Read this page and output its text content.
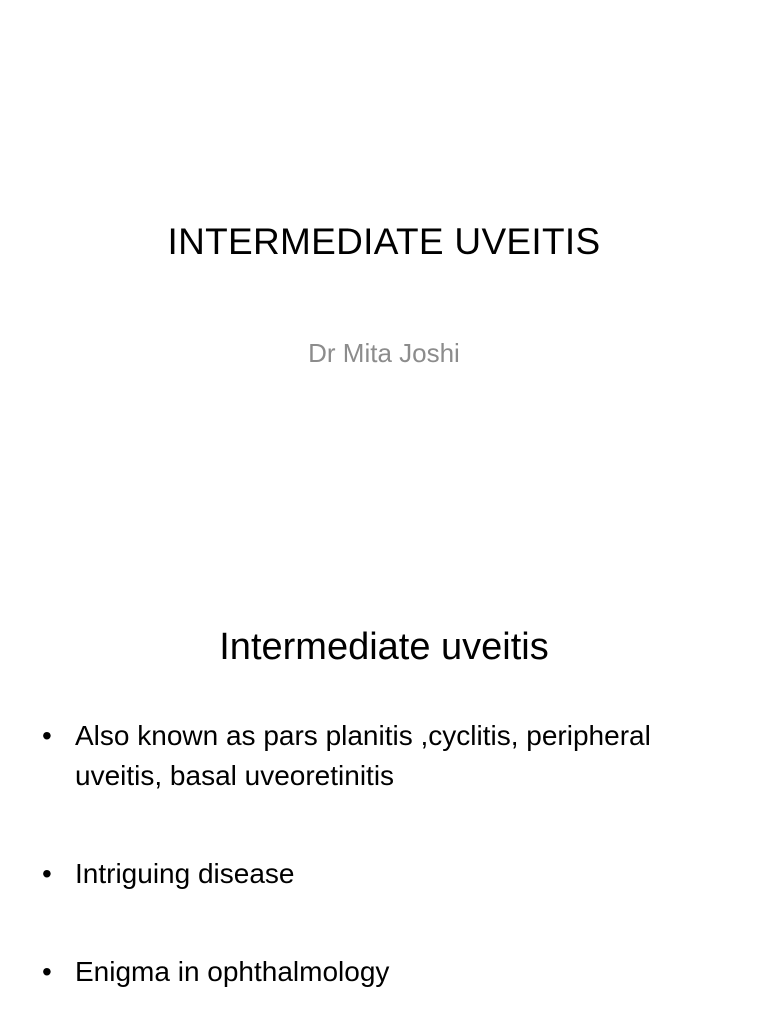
INTERMEDIATE UVEITIS
Dr Mita Joshi
Intermediate uveitis
• Also known as pars planitis ,cyclitis, peripheral uveitis, basal uveoretinitis
• Intriguing disease
• Enigma in ophthalmology
